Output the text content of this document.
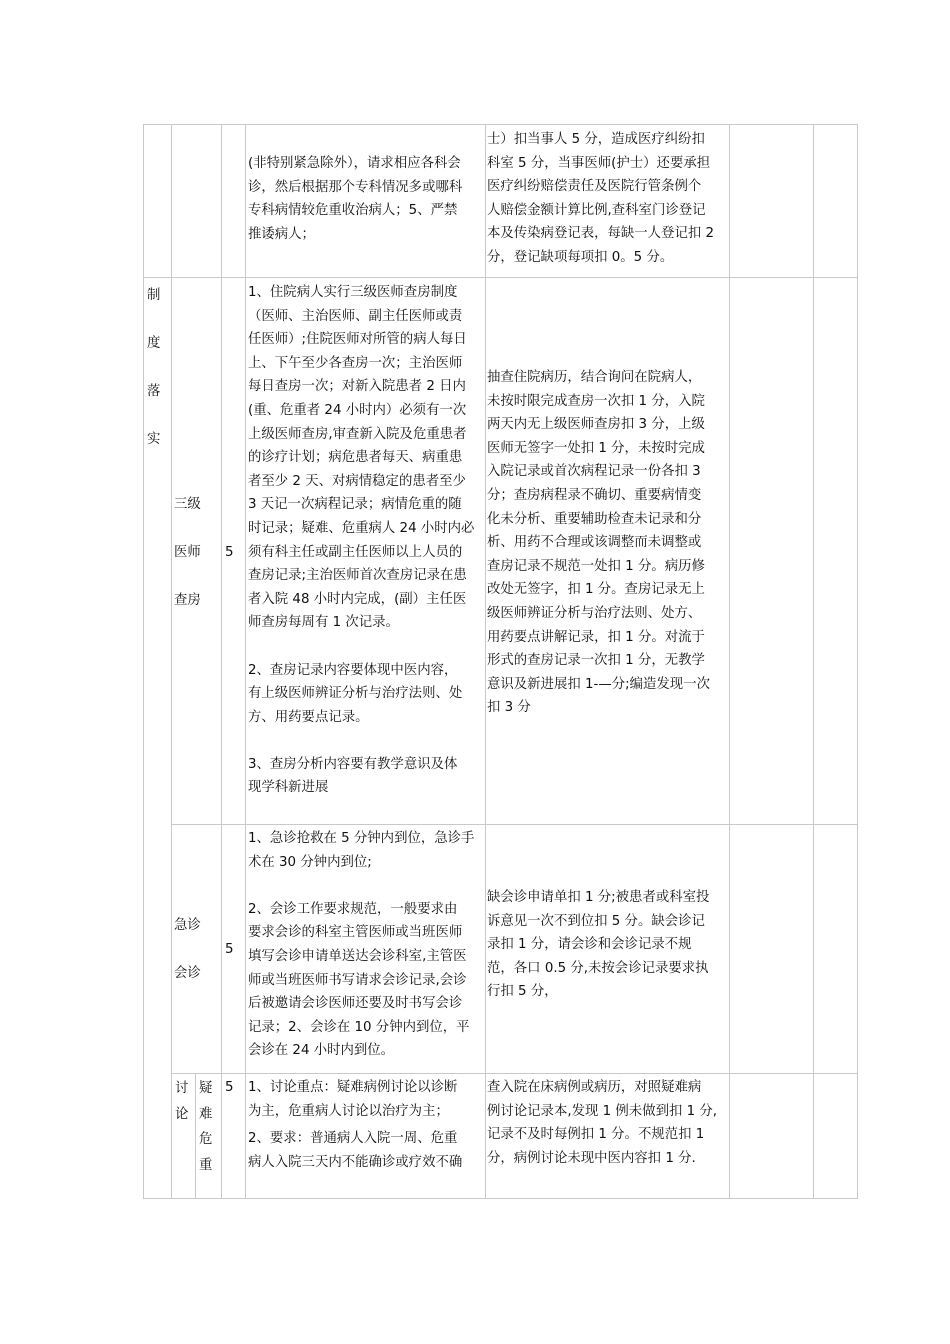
(非特别紧急除外），请求相应各科会
诊，然后根据那个专科情况多或哪科
专科病情较危重收治病人；5、严禁
推诿病人；
士）扣当事人 5 分，造成医疗纠纷扣
科室 5 分，当事医师(护士）还要承担
医疗纠纷赔偿责任及医院行管条例个
人赔偿金额计算比例,查科室门诊登记
本及传染病登记表，每缺一人登记扣 2
分，登记缺项每项扣 0。5 分。
制
度
落
实
三级
医师
查房
5
1、住院病人实行三级医师查房制度
（医师、主治医师、副主任医师或责
任医师）;住院医师对所管的病人每日
上、下午至少各查房一次；主治医师
每日查房一次；对新入院患者 2 日内
(重、危重者 24 小时内）必须有一次
上级医师查房,审查新入院及危重患者
的诊疗计划；病危患者每天、病重患
者至少 2 天、对病情稳定的患者至少
3 天记一次病程记录；病情危重的随
时记录；疑难、危重病人 24 小时内必
须有科主任或副主任医师以上人员的
查房记录;主治医师首次查房记录在患
者入院 48 小时内完成，(副）主任医
师查房每周有 1 次记录。
2、查房记录内容要体现中医内容，
有上级医师辨证分析与治疗法则、处
方、用药要点记录。
3、查房分析内容要有教学意识及体
现学科新进展
抽查住院病历，结合询问在院病人，
未按时限完成查房一次扣 1 分，入院
两天内无上级医师查房扣 3 分，上级
医师无签字一处扣 1 分，未按时完成
入院记录或首次病程记录一份各扣 3
分；查房病程录不确切、重要病情变
化未分析、重要辅助检查未记录和分
析、用药不合理或该调整而未调整或
查房记录不规范一处扣 1 分。病历修
改处无签字，扣 1 分。查房记录无上
级医师辨证分析与治疗法则、处方、
用药要点讲解记录，扣 1 分。对流于
形式的查房记录一次扣 1 分，无教学
意识及新进展扣 1-—分;编造发现一次
扣 3 分
急诊
会诊
5
1、急诊抢救在 5 分钟内到位，急诊手
术在 30 分钟内到位;
2、会诊工作要求规范，一般要求由
要求会诊的科室主管医师或当班医师
填写会诊申请单送达会诊科室,主管医
师或当班医师书写请求会诊记录,会诊
后被邀请会诊医师还要及时书写会诊
记录；2、会诊在 10 分钟内到位，平
会诊在 24 小时内到位。
缺会诊申请单扣 1 分;被患者或科室投
诉意见一次不到位扣 5 分。缺会诊记
录扣 1 分，请会诊和会诊记录不规
范，各口 0.5 分,未按会诊记录要求执
行扣 5 分，
讨
论
疑
难
危
重
5 1、讨论重点：疑难病例讨论以诊断
为主，危重病人讨论以治疗为主；
2、要求：普通病人入院一周、危重
病人入院三天内不能确诊或疗效不确
查入院在床病例或病历，对照疑难病
例讨论记录本,发现 1 例未做到扣 1 分,
记录不及时每例扣 1 分。不规范扣 1
分，病例讨论未现中医内容扣 1 分.
